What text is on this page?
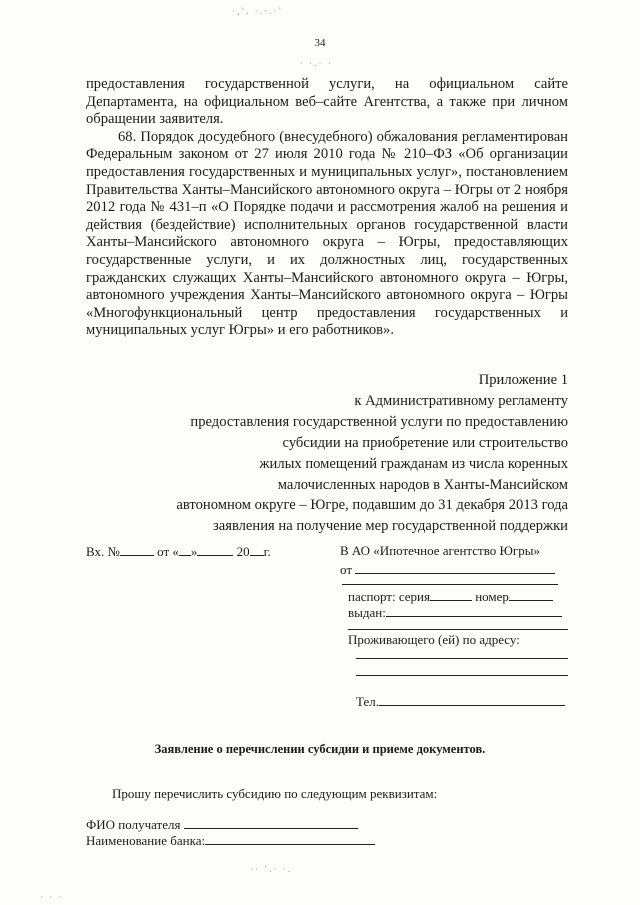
·,’. ·.·.·’
· ·.· ·
34

предоставления государственной услуги, на официальном сайте Департамента, на официальном веб–сайте Агентства, а также при личном обращении заявителя.

68. Порядок досудебного (внесудебного) обжалования регламентирован Федеральным законом от 27 июля 2010 года № 210–ФЗ «Об организации предоставления государственных и муниципальных услуг», постановлением Правительства Ханты–Мансийского автономного округа – Югры от 2 ноября 2012 года № 431–п «О Порядке подачи и рассмотрения жалоб на решения и действия (бездействие) исполнительных органов государственной власти Ханты–Мансийского автономного округа – Югры, предоставляющих государственные услуги, и их должностных лиц, государственных гражданских служащих Ханты–Мансийского автономного округа – Югры, автономного учреждения Ханты–Мансийского автономного округа – Югры «Многофункциональный центр предоставления государственных и муниципальных услуг Югры» и его работников».

Приложение 1
к Административному регламенту
предоставления государственной услуги по предоставлению
субсидии на приобретение или строительство
жилых помещений гражданам из числа коренных
малочисленных народов в Ханты-Мансийском
автономном округе – Югре, подавшим до 31 декабря 2013 года
заявления на получение мер государственной поддержки
Вх. №	от « »	20 г.	В АО «Ипотечное агентство Югры»
от
паспорт: серия	номер
выдан:
Проживающего (ей) по адресу:
Тел.
Заявление о перечислении субсидии и приеме документов.
Прошу перечислить субсидию по следующим реквизитам:
ФИО получателя
Наименование банка:
·· ’.· ·.
· · ·
